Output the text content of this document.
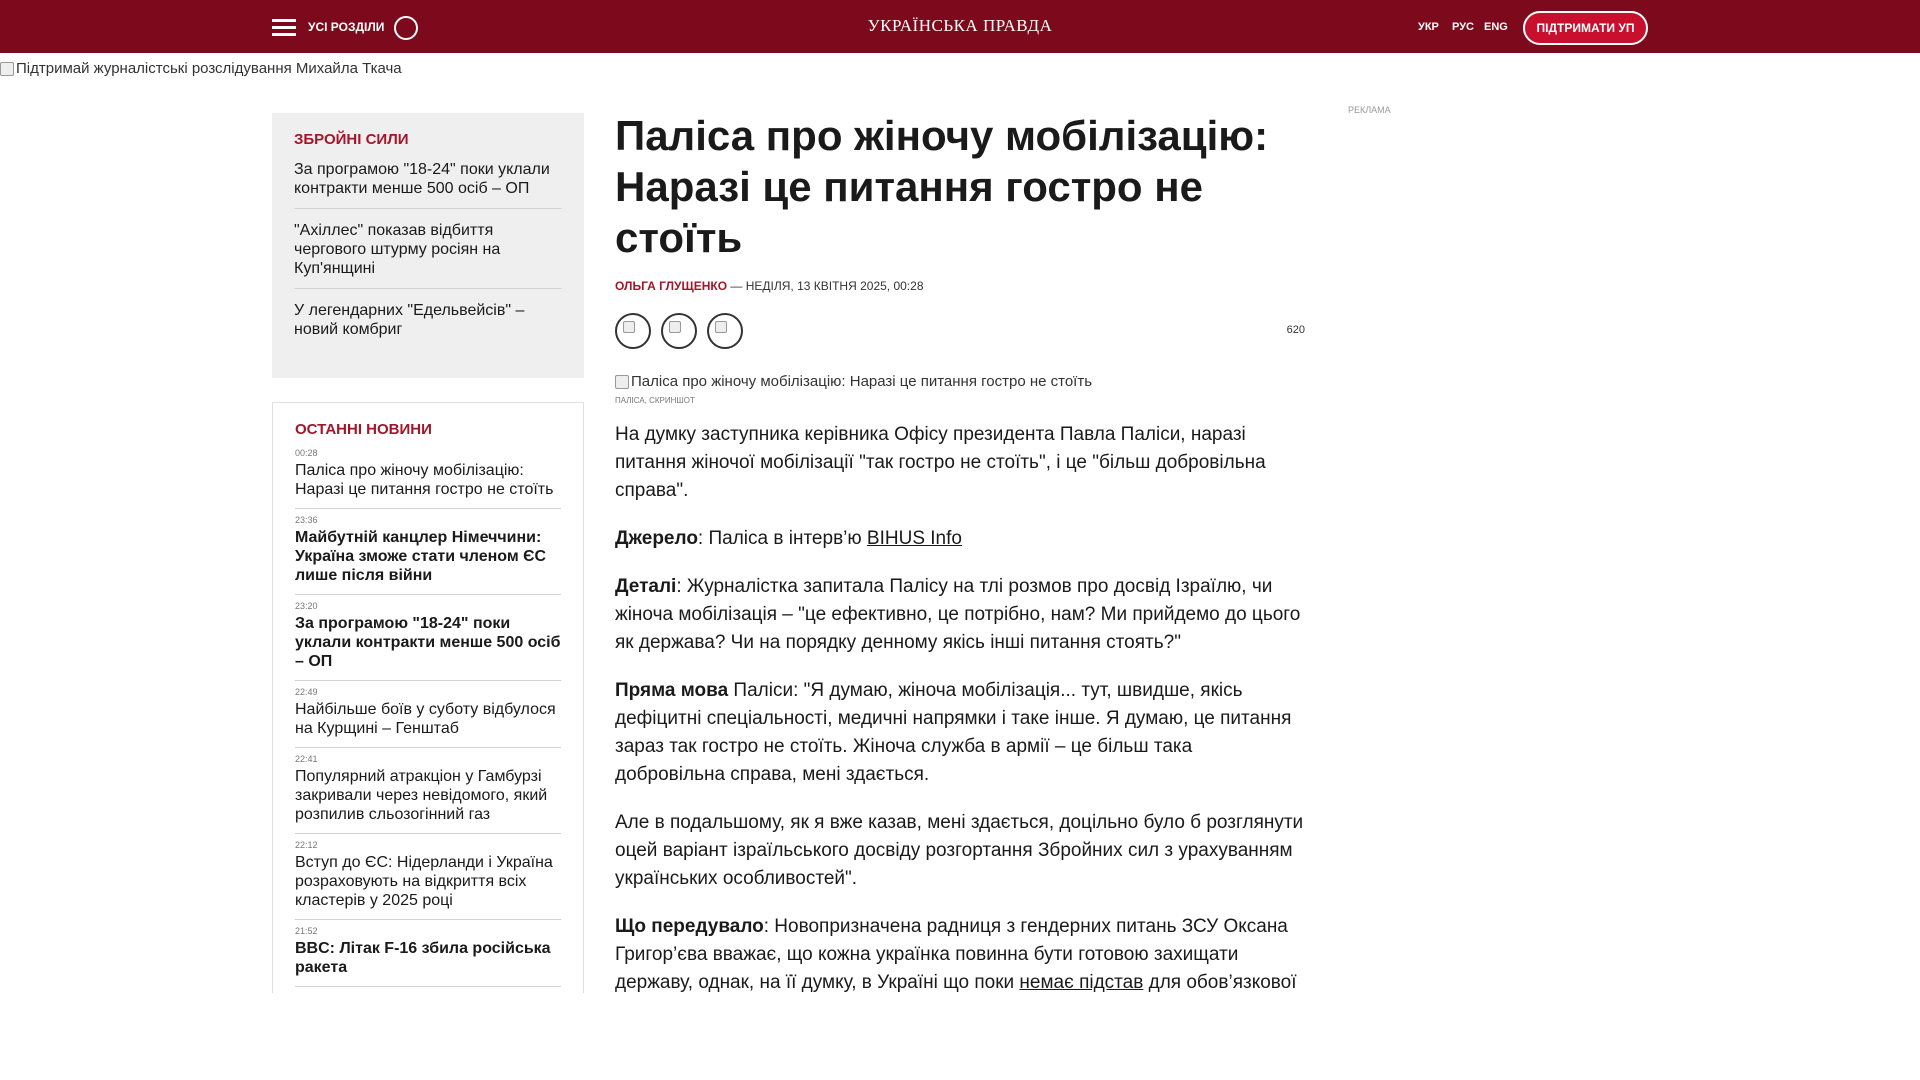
УСІ РОЗДІЛИ	УКРАЇНСЬКА ПРАВДА	УКР РУС ENG	ПІДТРИМАТИ УП
Підтримай журналістські розслідування Михайла Ткача
ЗБРОЙНІ СИЛИ
За програмою "18-24" поки уклали контракти менше 500 осіб – ОП
"Ахіллес" показав відбиття чергового штурму росіян на Куп'янщині
У легендарних "Едельвейсів" – новий комбриг
ОСТАННІ НОВИНИ
00:28
Паліса про жіночу мобілізацію: Наразі це питання гостро не стоїть
23:36
Майбутній канцлер Німеччини: Україна зможе стати членом ЄС лише після війни
23:20
За програмою "18-24" поки уклали контракти менше 500 осіб – ОП
22:49
Найбільше боїв у суботу відбулося на Курщині – Генштаб
22:41
Популярний атракціон у Гамбурзі закривали через невідомого, який розпилив сльозогінний газ
22:12
Вступ до ЄС: Нідерланди і Україна розраховують на відкриття всіх кластерів у 2025 році
21:52
BBC: Літак F-16 збила російська ракета
Паліса про жіночу мобілізацію: Наразі це питання гостро не стоїть
ОЛЬГА ГЛУЩЕНКО — НЕДІЛЯ, 13 КВІТНЯ 2025, 00:28
620
Паліса про жіночу мобілізацію: Наразі це питання гостро не стоїть
ПАЛІСА, СКРИНШОТ

На думку заступника керівника Офісу президента Павла Паліси, наразі питання жіночої мобілізації "так гостро не стоїть", і це "більш добровільна справа".

Джерело: Паліса в інтерв’ю BIHUS Info

Деталі: Журналістка запитала Палісу на тлі розмов про досвід Ізраїлю, чи жіноча мобілізація – "це ефективно, це потрібно, нам? Ми прийдемо до цього як держава? Чи на порядку денному якісь інші питання стоять?"

Пряма мова Паліси: "Я думаю, жіноча мобілізація... тут, швидше, якісь дефіцитні спеціальності, медичні напрямки і таке інше. Я думаю, це питання зараз так гостро не стоїть. Жіноча служба в армії – це більш така добровільна справа, мені здається.

Але в подальшому, як я вже казав, мені здається, доцільно було б розглянути оцей варіант ізраїльського досвіду розгортання Збройних сил з урахуванням українських особливостей".

Що передувало: Новопризначена радниця з гендерних питань ЗСУ Оксана Григор’єва вважає, що кожна українка повинна бути готовою захищати державу, однак, на її думку, в Україні що поки немає підстав для обов’язкової

РЕКЛАМА
